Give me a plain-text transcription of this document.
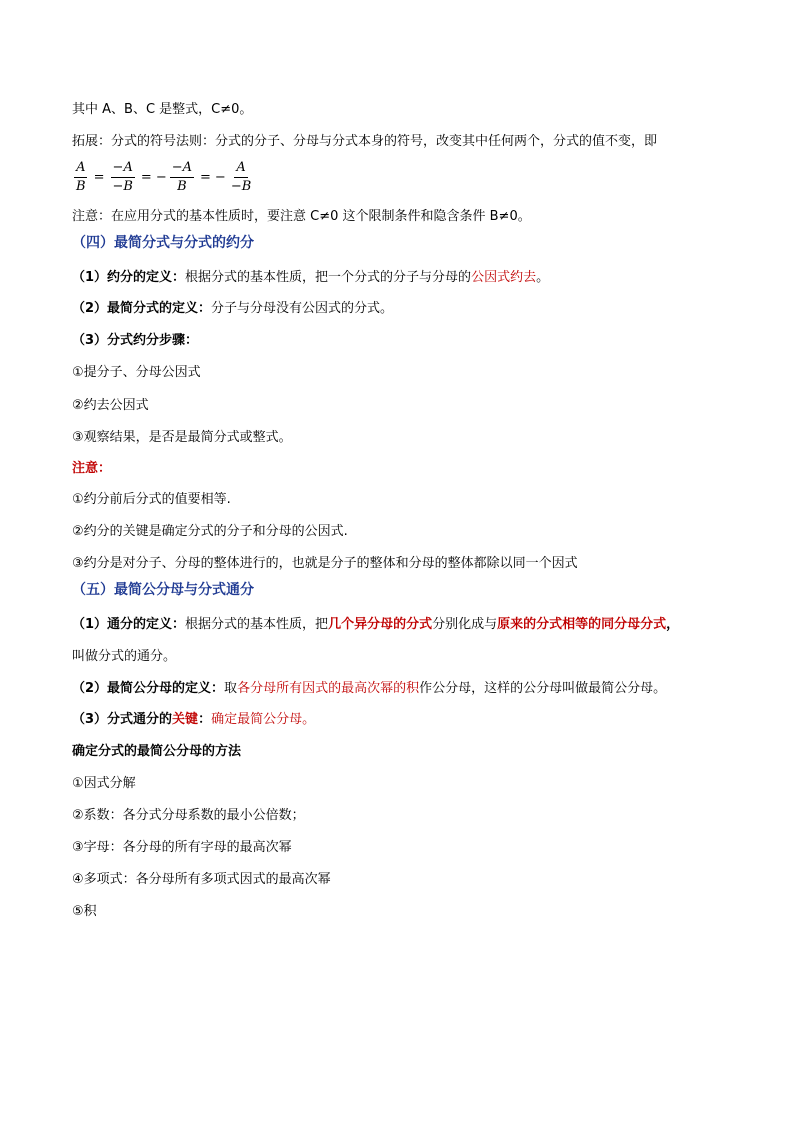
其中 A、B、C 是整式，C≠0。
拓展：分式的符号法则：分式的分子、分母与分式本身的符号，改变其中任何两个，分式的值不变，即
$\frac{A}{B} = \frac{-A}{-B}$ = − $\frac{-A}{B}$ = − $\frac{A}{-B}$
注意：在应用分式的基本性质时，要注意 C≠0 这个限制条件和隐含条件 B≠0。
（四）最简分式与分式的约分
（1）约分的定义：根据分式的基本性质，把一个分式的分子与分母的公因式约去。
（2）最简分式的定义：分子与分母没有公因式的分式。
（3）分式约分步骤：
①提分子、分母公因式
②约去公因式
③观察结果，是否是最简分式或整式。
注意：
①约分前后分式的值要相等.
②约分的关键是确定分式的分子和分母的公因式.
③约分是对分子、分母的整体进行的，也就是分子的整体和分母的整体都除以同一个因式
（五）最简公分母与分式通分
（1）通分的定义：根据分式的基本性质，把几个异分母的分式分别化成与原来的分式相等的同分母分式，
叫做分式的通分。
（2）最简公分母的定义：取各分母所有因式的最高次幂的积作公分母，这样的公分母叫做最简公分母。
（3）分式通分的关键：确定最简公分母。
确定分式的最简公分母的方法
①因式分解
②系数：各分式分母系数的最小公倍数；
③字母：各分母的所有字母的最高次幂
④多项式：各分母所有多项式因式的最高次幂
⑤积
